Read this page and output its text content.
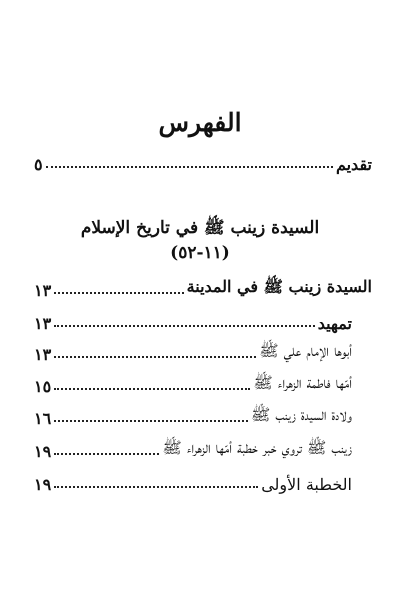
الفهرس
تقديم
٥
السيدة زينب ﷺ في تاريخ الإسلام
(١١-٥٢)
السيدة زينب ﷺ في المدينة
١٣
تمهيد
١٣
أبوها الإمام علي ﷺ
١٣
أمّها فاطمة الزهراء ﷺ
١٥
ولادة السيدة زينب ﷺ
١٦
زينب ﷺ تروي خبر خطبة أمّها الزهراء ﷺ
١٩
الخطبة الأولى
١٩
